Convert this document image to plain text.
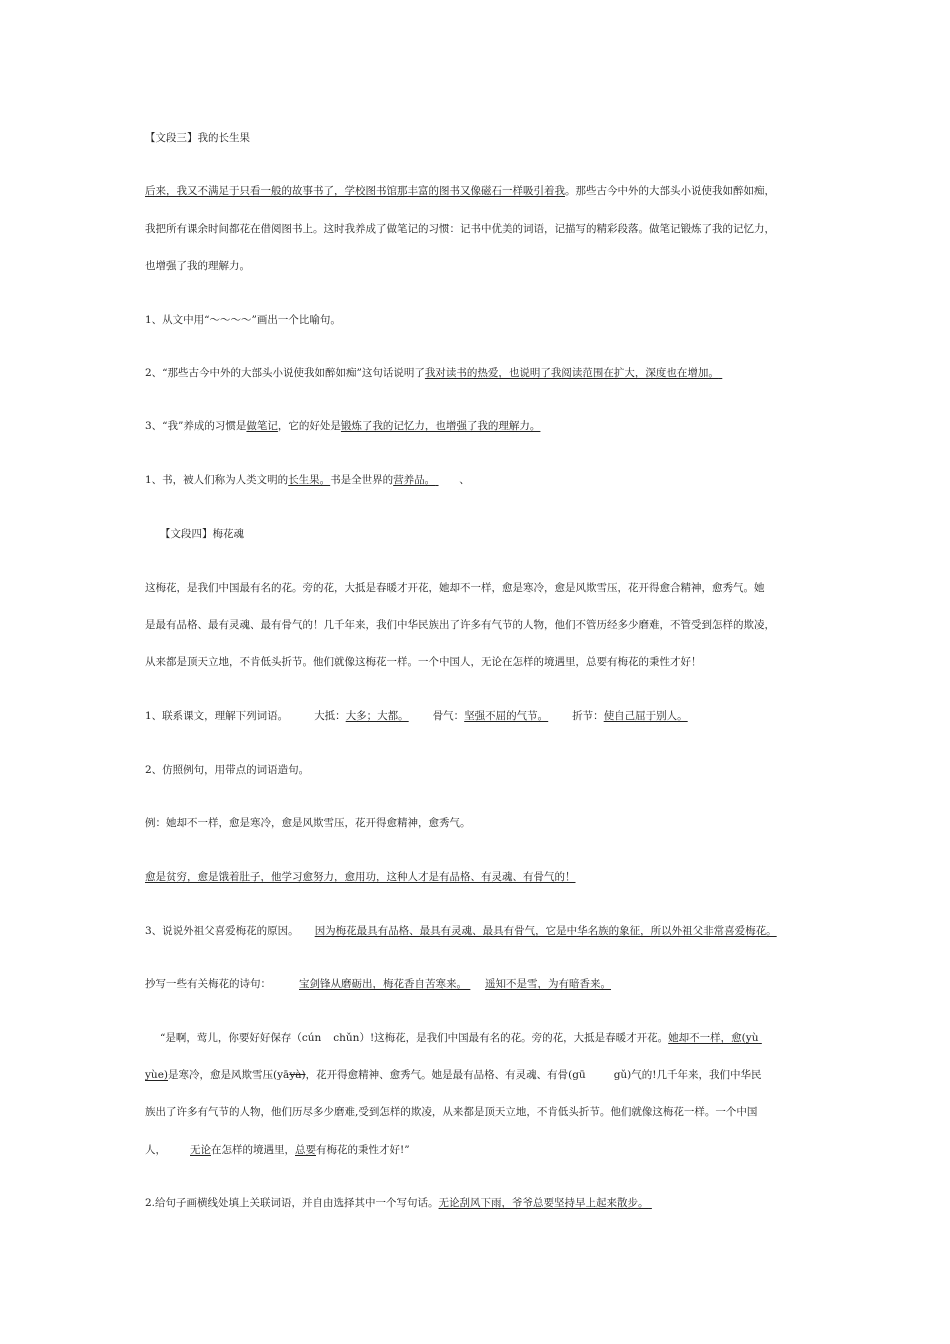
【文段三】我的长生果
后来，我又不满足于只看一般的故事书了，学校图书馆那丰富的图书又像磁石一样吸引着我。那些古今中外的大部头小说使我如醉如痴，
我把所有课余时间都花在借阅图书上。这时我养成了做笔记的习惯：记书中优美的词语，记描写的精彩段落。做笔记锻炼了我的记忆力，
也增强了我的理解力。
1、从文中用“～～～～”画出一个比喻句。
2、“那些古今中外的大部头小说使我如醉如痴”这句话说明了我对读书的热爱，也说明了我阅读范围在扩大，深度也在增加。
3、“我”养成的习惯是做笔记，它的好处是锻炼了我的记忆力，也增强了我的理解力。
1、书，被人们称为人类文明的长生果。书是全世界的营养品。 、
【文段四】梅花魂
这梅花，是我们中国最有名的花。旁的花，大抵是春暖才开花，她却不一样，愈是寒冷，愈是风欺雪压，花开得愈合精神，愈秀气。她
是最有品格、最有灵魂、最有骨气的！几千年来，我们中华民族出了许多有气节的人物，他们不管历经多少磨难，不管受到怎样的欺凌，
从来都是顶天立地，不肯低头折节。他们就像这梅花一样。一个中国人，无论在怎样的境遇里，总要有梅花的秉性才好！
1、联系课文，理解下列词语。 大抵：大多；大都。 骨气：坚强不屈的气节。 折节：使自己屈于别人。
2、仿照例句，用带点的词语造句。
例：她却不一样，愈是寒冷，愈是风欺雪压，花开得愈精神，愈秀气。
愈是贫穷，愈是饿着肚子，他学习愈努力，愈用功，这种人才是有品格、有灵魂、有骨气的！
3、说说外祖父喜爱梅花的原因。 因为梅花最具有品格、最具有灵魂、最具有骨气，它是中华名族的象征，所以外祖父非常喜爱梅花。
抄写一些有关梅花的诗句：	宝剑锋从磨砺出，梅花香自苦寒来。 遥知不是雪，为有暗香来。
“是啊，莺儿，你要好好保存（cún chǔn）!这梅花，是我们中国最有名的花。旁的花，大抵是春暖才开花。她却不一样，愈(yù
yùe)是寒冷，愈是风欺雪压(yāyà)，花开得愈精神、愈秀气。她是最有品格、有灵魂、有骨(gū	gǔ)气的!几千年来，我们中华民
族出了许多有气节的人物，他们历尽多少磨难,受到怎样的欺凌，从来都是顶天立地，不肯低头折节。他们就像这梅花一样。一个中国
人， 无论在怎样的境遇里，总要有梅花的秉性才好!”
2.给句子画横线处填上关联词语，并自由选择其中一个写句话。无论刮风下雨，爷爷总要坚持早上起来散步。
